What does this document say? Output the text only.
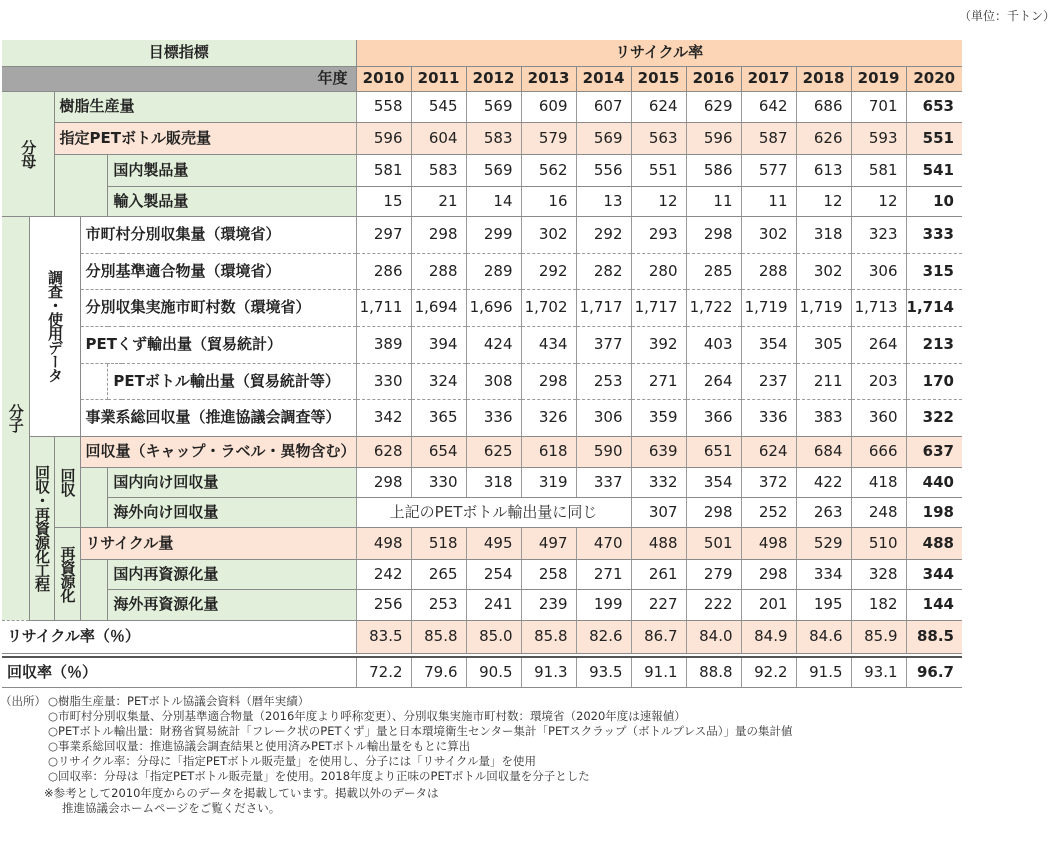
（単位：千トン）
目標指標					リサイクル率										
年度					2010	2011	2012	2013	2014	2015	2016	2017	2018	2019	2020
分母		樹脂生産量			558	545	569	609	607	624	629	642	686	701	653
		指定PETボトル販売量			596	604	583	579	569	563	596	587	626	593	551
				国内製品量	581	583	569	562	556	551	586	577	613	581	541
				輸入製品量	15	21	14	16	13	12	11	11	12	12	10
分子	調査・使用データ		市町村分別収集量（環境省）		297	298	299	302	292	293	298	302	318	323	333
			分別基準適合物量（環境省）		286	288	289	292	282	280	285	288	302	306	315
			分別収集実施市町村数（環境省）		1,711	1,694	1,696	1,702	1,717	1,717	1,722	1,719	1,719	1,713	1,714
			PETくず輸出量（貿易統計）		389	394	424	434	377	392	403	354	305	264	213
				PETボトル輸出量（貿易統計等）	330	324	308	298	253	271	264	237	211	203	170
			事業系総回収量（推進協議会調査等）		342	365	336	326	306	359	366	336	383	360	322
	回収・再資源化工程	回収	回収量（キャップ・ラベル・異物含む）		628	654	625	618	590	639	651	624	684	666	637
				国内向け回収量	298	330	318	319	337	332	354	372	422	418	440
				海外向け回収量	上記のPETボトル輸出量に同じ					307	298	252	263	248	198
		再資源化	リサイクル量		498	518	495	497	470	488	501	498	529	510	488
				国内再資源化量	242	265	254	258	271	261	279	298	334	328	344
				海外再資源化量	256	253	241	239	199	227	222	201	195	182	144
リサイクル率（％）					83.5	85.8	85.0	85.8	82.6	86.7	84.0	84.9	84.6	85.9	88.5

回収率（％）					72.2	79.6	90.5	91.3	93.5	91.1	88.8	92.2	91.5	93.1	96.7
（出所） ○樹脂生産量：PETボトル協議会資料（暦年実績）
○市町村分別収集量、分別基準適合物量（2016年度より呼称変更）、分別収集実施市町村数：環境省（2020年度は速報値）
○PETボトル輸出量：財務省貿易統計「フレーク状のPETくず」量と日本環境衛生センター集計「PETスクラップ（ボトルプレス品）」量の集計値
○事業系総回収量：推進協議会調査結果と使用済みPETボトル輸出量をもとに算出
○リサイクル率：分母に「指定PETボトル販売量」を使用し、分子には「リサイクル量」を使用
○回収率：分母は「指定PETボトル販売量」を使用。2018年度より正味のPETボトル回収量を分子とした
※参考として2010年度からのデータを掲載しています。掲載以外のデータは
推進協議会ホームページをご覧ください。
